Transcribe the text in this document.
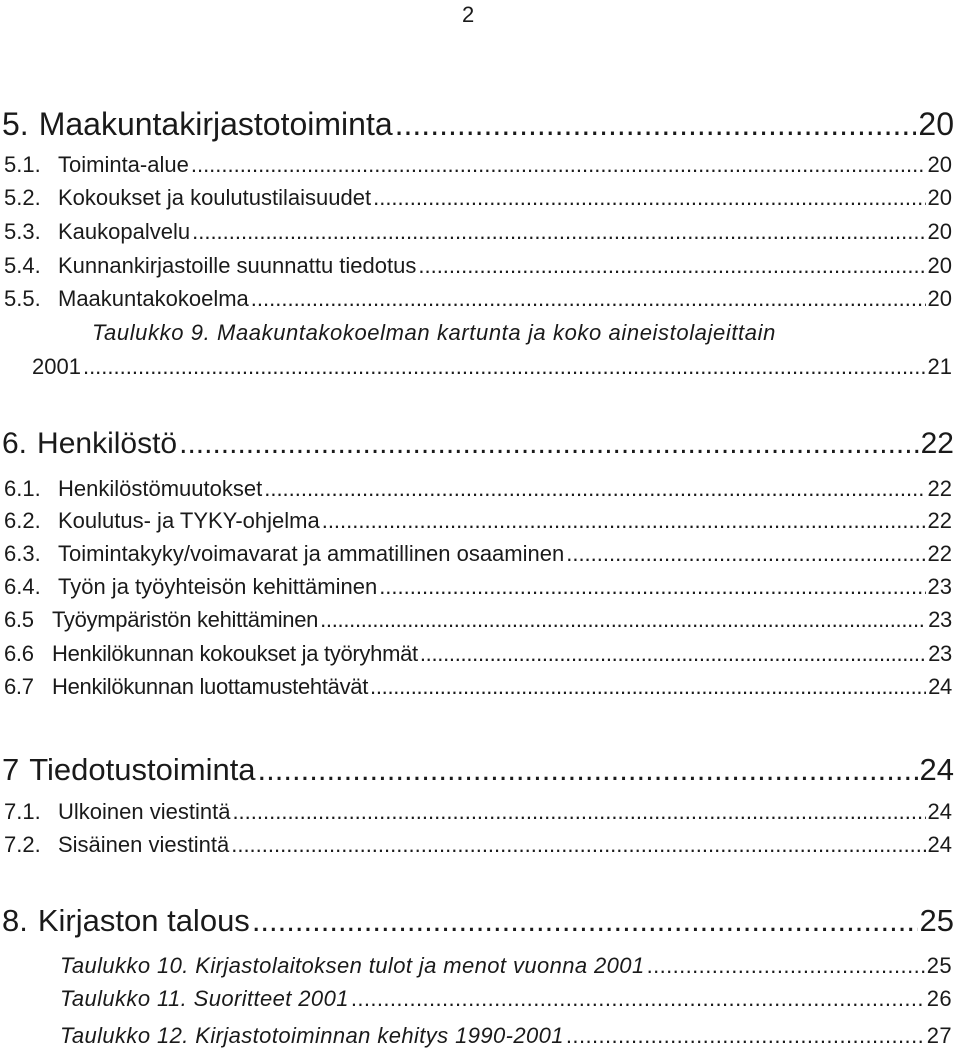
2
5. Maakuntakirjastotoiminta .....	20
5.1. Toiminta-alue .....	20
5.2. Kokoukset ja koulutustilaisuudet .....	20
5.3. Kaukopalvelu .....	20
5.4. Kunnankirjastoille suunnattu tiedotus .....	20
5.5. Maakuntakokoelma .....	20
Taulukko 9. Maakuntakokoelman kartunta ja koko aineistolajeittain
2001 .....	21
6. Henkilöstö .....	22
6.1. Henkilöstömuutokset .....	22
6.2. Koulutus- ja TYKY-ohjelma .....	22
6.3. Toimintakyky/voimavarat ja ammatillinen osaaminen .....	22
6.4. Työn ja työyhteisön kehittäminen .....	23
6.5 Työympäristön kehittäminen .....	23
6.6 Henkilökunnan kokoukset ja työryhmät .....	23
6.7 Henkilökunnan luottamustehtävät .....	24
7 Tiedotustoiminta .....	24
7.1. Ulkoinen viestintä .....	24
7.2. Sisäinen viestintä .....	24
8. Kirjaston talous .....	25
Taulukko 10. Kirjastolaitoksen tulot ja menot vuonna 2001 .....	25
Taulukko 11. Suoritteet 2001 .....	26
Taulukko 12. Kirjastotoiminnan kehitys 1990-2001 .....	27
